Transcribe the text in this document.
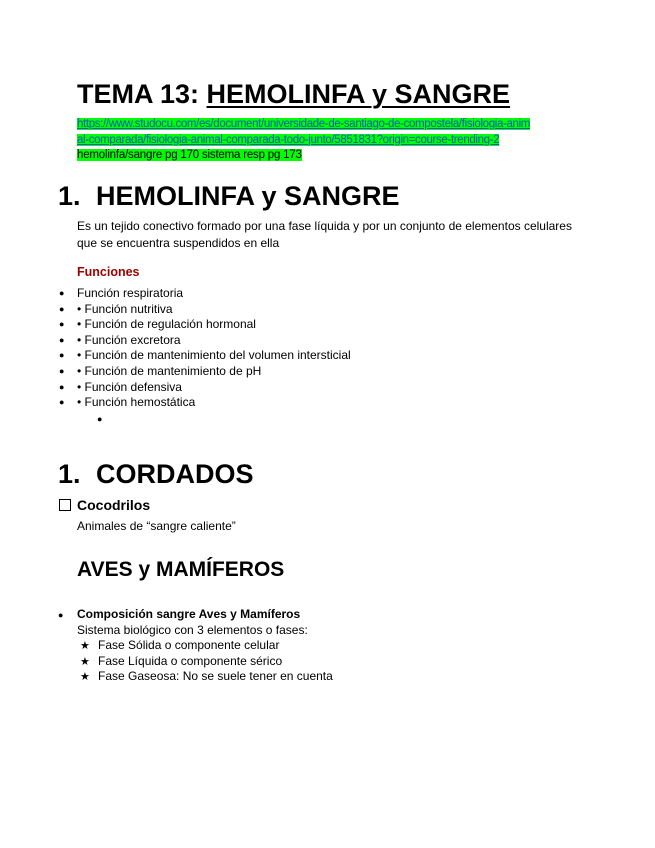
TEMA 13: HEMOLINFA y SANGRE
https://www.studocu.com/es/document/universidade-de-santiago-de-compostela/fisiologia-anim
al-comparada/fisiologia-animal-comparada-todo-junto/5851831?origin=course-trending-2
hemolinfa/sangre pg 170 sistema resp pg 173
1. HEMOLINFA y SANGRE

Es un tejido conectivo formado por una fase líquida y por un conjunto de elementos celulares que se encuentra suspendidos en ella

Funciones

● Función respiratoria
● • Función nutritiva
● • Función de regulación hormonal
● • Función excretora
● • Función de mantenimiento del volumen intersticial
● • Función de mantenimiento de pH
● • Función defensiva
● • Función hemostática
●
1. CORDADOS
Cocodrilos

Animales de “sangre caliente”

AVES y MAMÍFEROS
● Composición sangre Aves y Mamíferos

Sistema biológico con 3 elementos o fases:

★ Fase Sólida o componente celular
★ Fase Líquida o componente sérico
★ Fase Gaseosa: No se suele tener en cuenta
